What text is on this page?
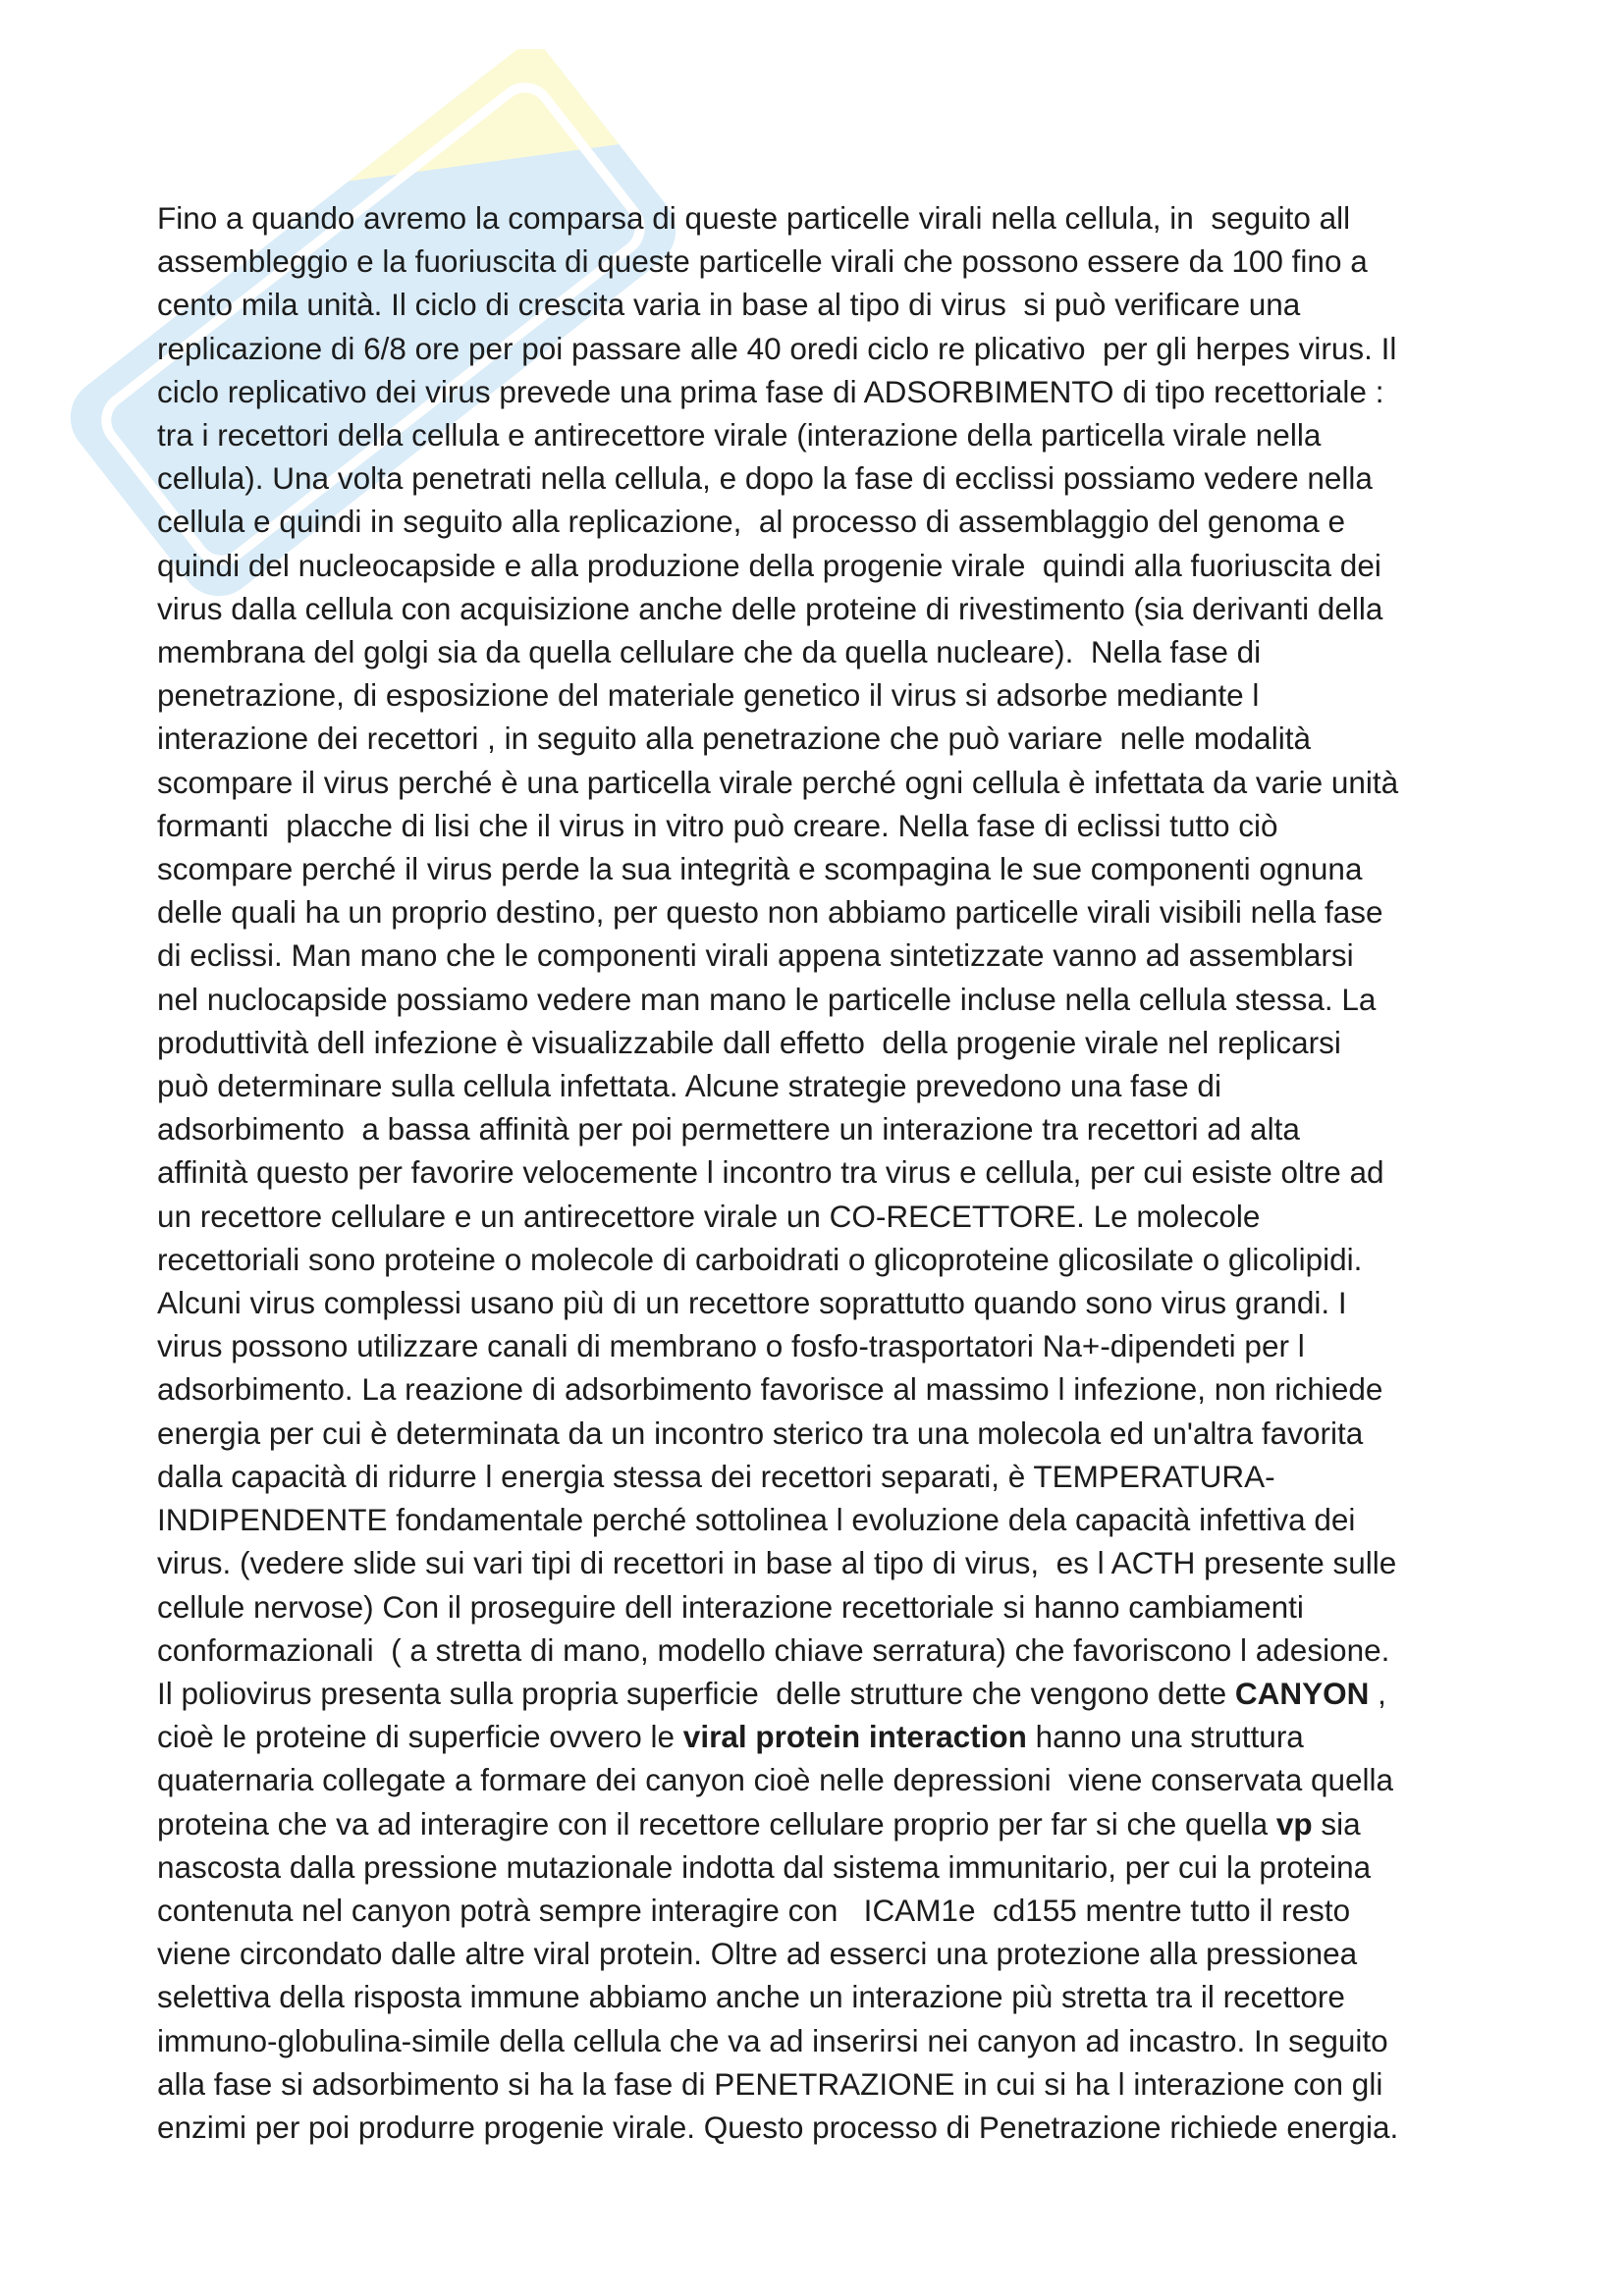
Fino a quando avremo la comparsa di queste particelle virali nella cellula, in  seguito all
assembleggio e la fuoriuscita di queste particelle virali che possono essere da 100 fino a
cento mila unità. Il ciclo di crescita varia in base al tipo di virus  si può verificare una
replicazione di 6/8 ore per poi passare alle 40 oredi ciclo re plicativo  per gli herpes virus. Il
ciclo replicativo dei virus prevede una prima fase di ADSORBIMENTO di tipo recettoriale :
tra i recettori della cellula e antirecettore virale (interazione della particella virale nella
cellula). Una volta penetrati nella cellula, e dopo la fase di ecclissi possiamo vedere nella
cellula e quindi in seguito alla replicazione,  al processo di assemblaggio del genoma e
quindi del nucleocapside e alla produzione della progenie virale  quindi alla fuoriuscita dei
virus dalla cellula con acquisizione anche delle proteine di rivestimento (sia derivanti della
membrana del golgi sia da quella cellulare che da quella nucleare).  Nella fase di
penetrazione, di esposizione del materiale genetico il virus si adsorbe mediante l
interazione dei recettori , in seguito alla penetrazione che può variare  nelle modalità
scompare il virus perché è una particella virale perché ogni cellula è infettata da varie unità
formanti  placche di lisi che il virus in vitro può creare. Nella fase di eclissi tutto ciò
scompare perché il virus perde la sua integrità e scompagina le sue componenti ognuna
delle quali ha un proprio destino, per questo non abbiamo particelle virali visibili nella fase
di eclissi. Man mano che le componenti virali appena sintetizzate vanno ad assemblarsi
nel nuclocapside possiamo vedere man mano le particelle incluse nella cellula stessa. La
produttività dell infezione è visualizzabile dall effetto  della progenie virale nel replicarsi
può determinare sulla cellula infettata. Alcune strategie prevedono una fase di
adsorbimento  a bassa affinità per poi permettere un interazione tra recettori ad alta
affinità questo per favorire velocemente l incontro tra virus e cellula, per cui esiste oltre ad
un recettore cellulare e un antirecettore virale un CO-RECETTORE. Le molecole
recettoriali sono proteine o molecole di carboidrati o glicoproteine glicosilate o glicolipidi.
Alcuni virus complessi usano più di un recettore soprattutto quando sono virus grandi. I
virus possono utilizzare canali di membrano o fosfo-trasportatori Na+-dipendeti per l
adsorbimento. La reazione di adsorbimento favorisce al massimo l infezione, non richiede
energia per cui è determinata da un incontro sterico tra una molecola ed un'altra favorita
dalla capacità di ridurre l energia stessa dei recettori separati, è TEMPERATURA-
INDIPENDENTE fondamentale perché sottolinea l evoluzione dela capacità infettiva dei
virus. (vedere slide sui vari tipi di recettori in base al tipo di virus,  es l ACTH presente sulle
cellule nervose) Con il proseguire dell interazione recettoriale si hanno cambiamenti
conformazionali  ( a stretta di mano, modello chiave serratura) che favoriscono l adesione.
Il poliovirus presenta sulla propria superficie  delle strutture che vengono dette CANYON ,
cioè le proteine di superficie ovvero le viral protein interaction hanno una struttura
quaternaria collegate a formare dei canyon cioè nelle depressioni  viene conservata quella
proteina che va ad interagire con il recettore cellulare proprio per far si che quella vp sia
nascosta dalla pressione mutazionale indotta dal sistema immunitario, per cui la proteina
contenuta nel canyon potrà sempre interagire con   ICAM1e  cd155 mentre tutto il resto
viene circondato dalle altre viral protein. Oltre ad esserci una protezione alla pressionea
selettiva della risposta immune abbiamo anche un interazione più stretta tra il recettore
immuno-globulina-simile della cellula che va ad inserirsi nei canyon ad incastro. In seguito
alla fase si adsorbimento si ha la fase di PENETRAZIONE in cui si ha l interazione con gli
enzimi per poi produrre progenie virale. Questo processo di Penetrazione richiede energia.
